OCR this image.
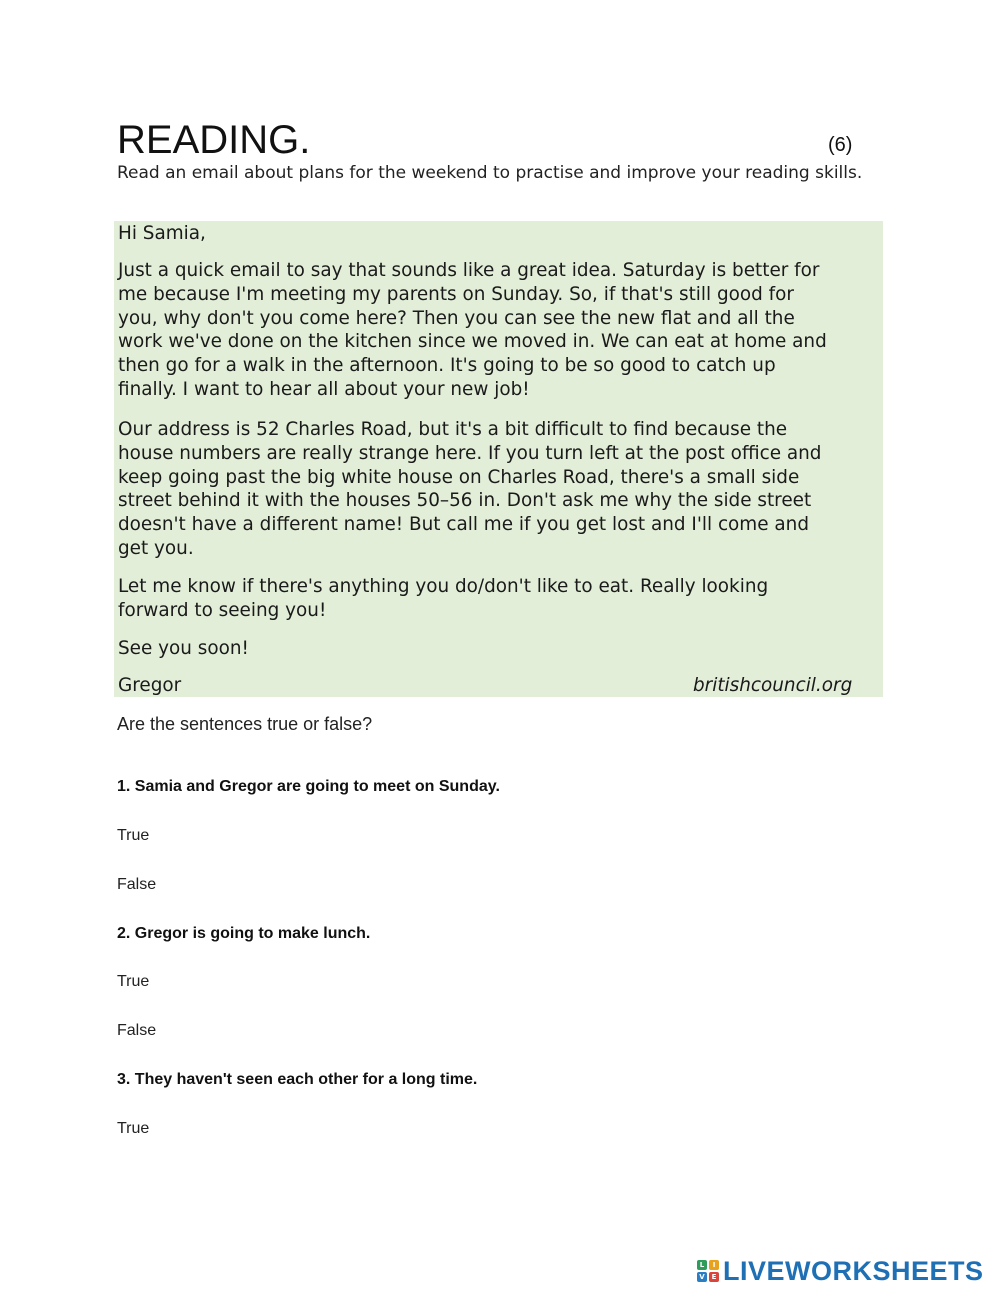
READING.	(6)
Read an email about plans for the weekend to practise and improve your reading skills.

Hi Samia,

Just a quick email to say that sounds like a great idea. Saturday is better for
me because I'm meeting my parents on Sunday. So, if that's still good for
you, why don't you come here? Then you can see the new flat and all the
work we've done on the kitchen since we moved in. We can eat at home and
then go for a walk in the afternoon. It's going to be so good to catch up
finally. I want to hear all about your new job!

Our address is 52 Charles Road, but it's a bit difficult to find because the
house numbers are really strange here. If you turn left at the post office and
keep going past the big white house on Charles Road, there's a small side
street behind it with the houses 50–56 in. Don't ask me why the side street
doesn't have a different name! But call me if you get lost and I'll come and
get you.

Let me know if there's anything you do/don't like to eat. Really looking
forward to seeing you!

See you soon!

Gregor	britishcouncil.org
Are the sentences true or false?
1. Samia and Gregor are going to meet on Sunday.
True
False
2. Gregor is going to make lunch.
True
False
3. They haven't seen each other for a long time.
True
L	I
V E LIVEWORKSHEETS
